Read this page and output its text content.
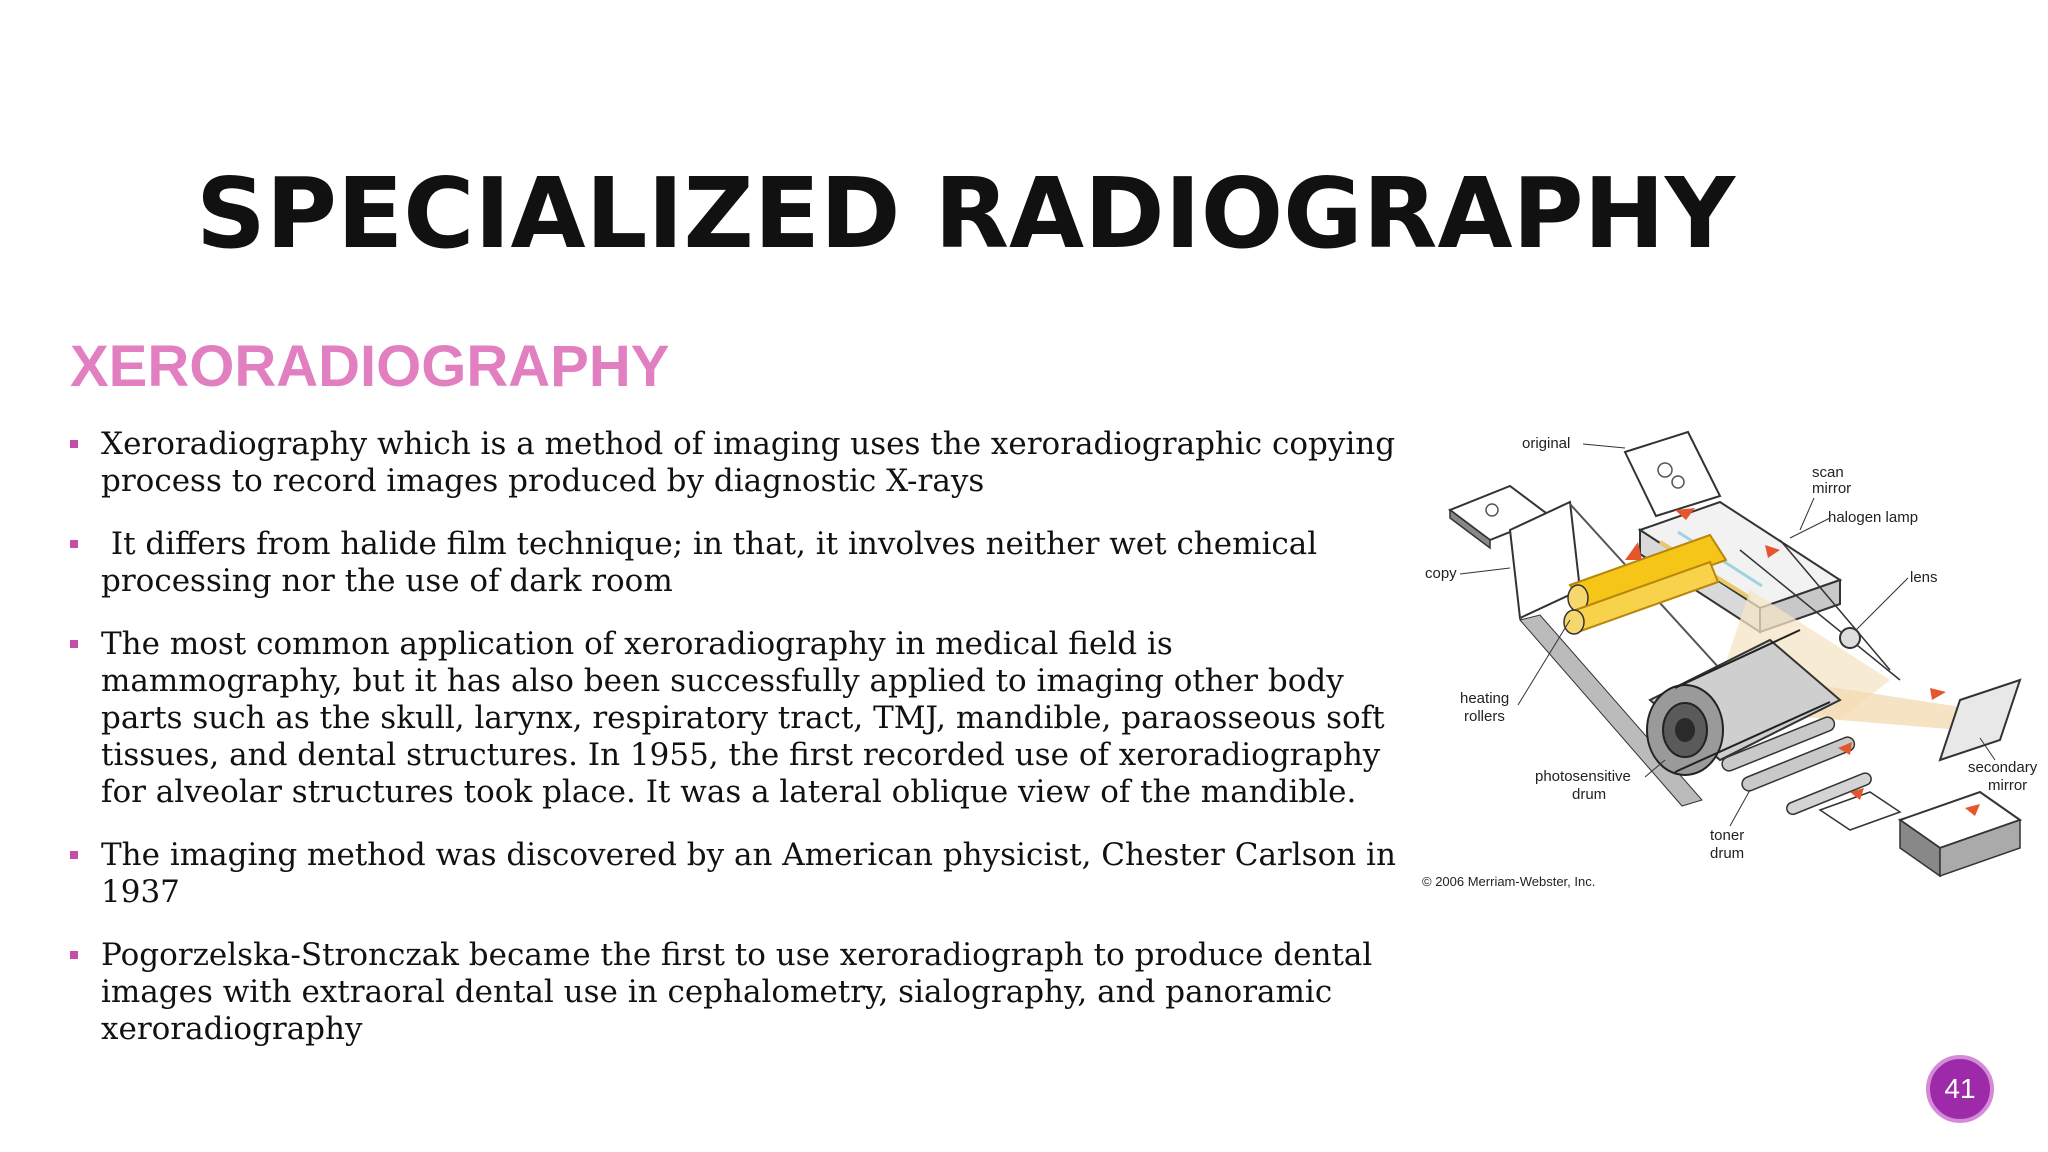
SPECIALIZED RADIOGRAPHY
XERORADIOGRAPHY
Xeroradiography which is a method of imaging uses the xeroradiographic copying process to record images produced by diagnostic X-rays
It differs from halide film technique; in that, it involves neither wet chemical processing nor the use of dark room
The most common application of xeroradiography in medical field is mammography, but it has also been successfully applied to imaging other body parts such as the skull, larynx, respiratory tract, TMJ, mandible, paraosseous soft tissues, and dental structures. In 1955, the first recorded use of xeroradiography for alveolar structures took place. It was a lateral oblique view of the mandible.
The imaging method was discovered by an American physicist, Chester Carlson in 1937
Pogorzelska-Stronczak became the first to use xeroradiograph to produce dental images with extraoral dental use in cephalometry, sialography, and panoramic xeroradiography
original
scan
mirror
halogen lamp
copy	lens
heating
rollers
photosensitive
drum
secondary
mirror
toner
drum
© 2006 Merriam-Webster, Inc.
41
